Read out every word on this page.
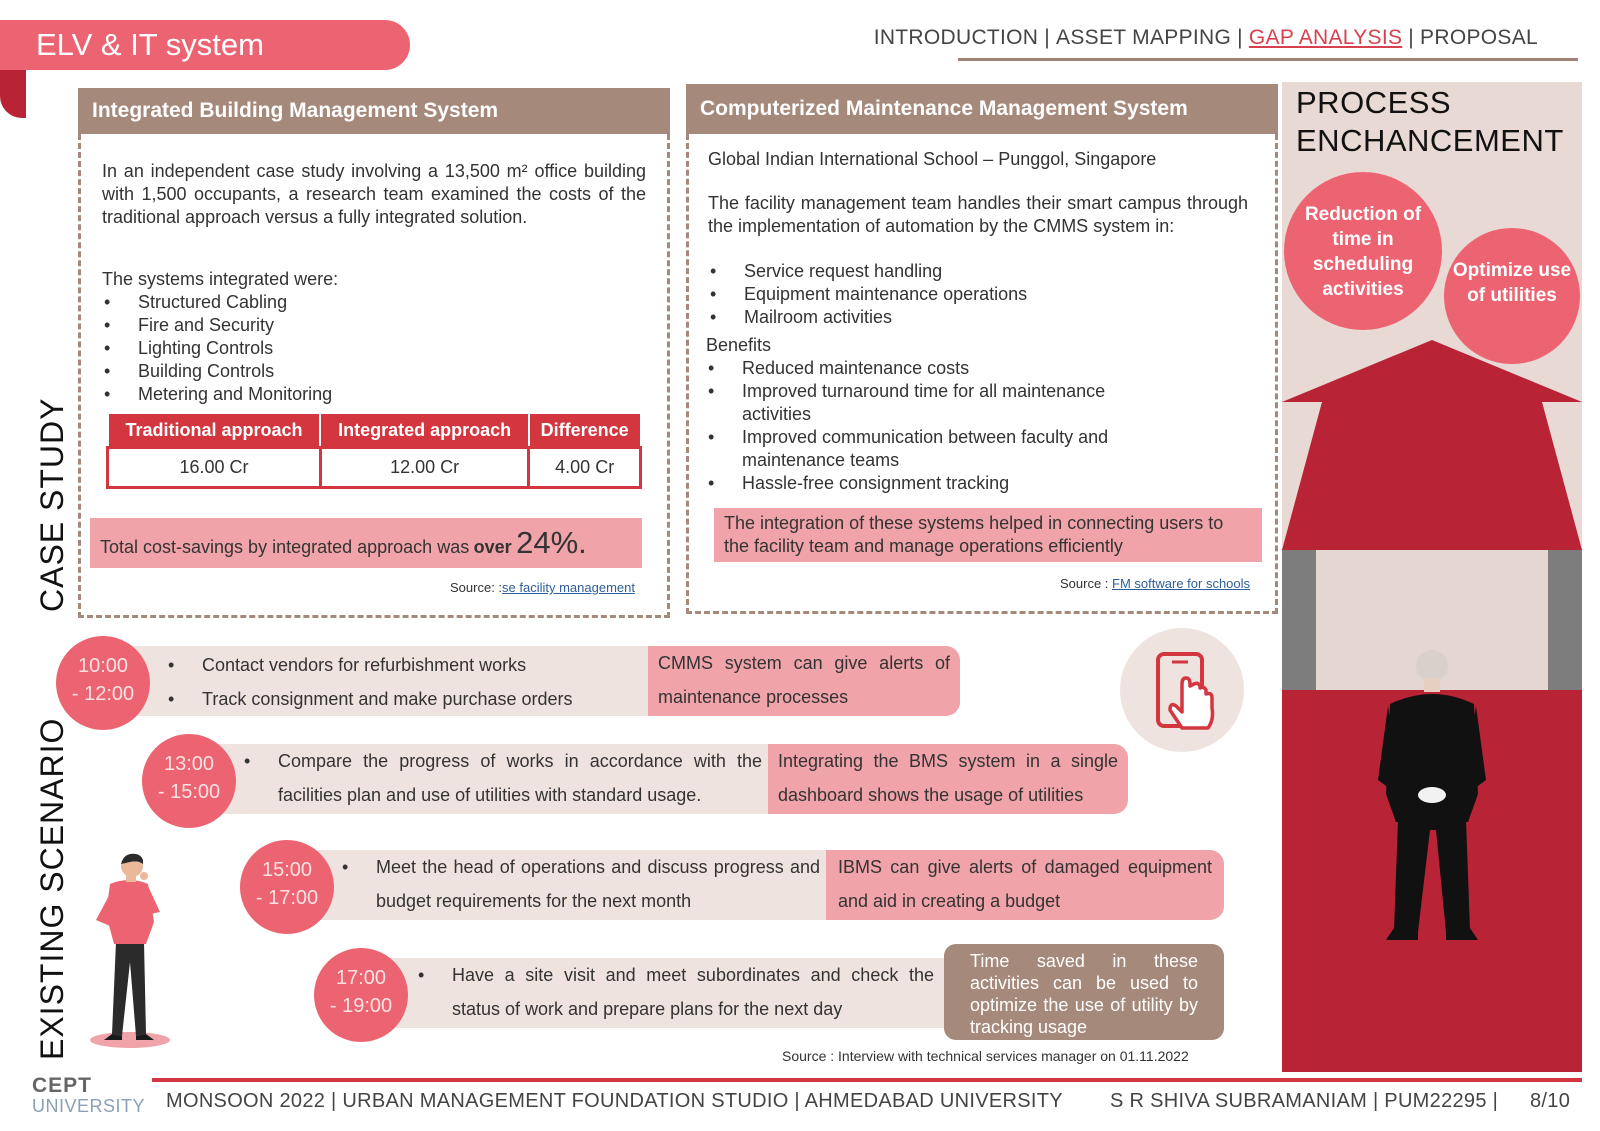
ELV & IT system	INTRODUCTION | ASSET MAPPING | GAP ANALYSIS | PROPOSAL
CASE STUDY
EXISTING SCENARIO
Integrated Building Management System

In an independent case study involving a 13,500 m² office building with 1,500 occupants, a research team examined the costs of the traditional approach versus a fully integrated solution.

The systems integrated were:

• Structured Cabling
• Fire and Security
• Lighting Controls
• Building Controls
• Metering and Monitoring
Traditional approach	Integrated approach	Difference
16.00 Cr	12.00 Cr	4.00 Cr
Total cost-savings by integrated approach was over 24%.
Source: :se facility management
Computerized Maintenance Management System

Global Indian International School – Punggol, Singapore

The facility management team handles their smart campus through the implementation of automation by the CMMS system in:

• Service request handling
• Equipment maintenance operations
• Mailroom activities

Benefits

• Reduced maintenance costs
• Improved turnaround time for all maintenance activities
• Improved communication between faculty and maintenance teams
• Hassle-free consignment tracking
The integration of these systems helped in connecting users to the facility team and manage operations efficiently
Source : FM software for schools
CMMS system can give alerts of maintenance processes
10:00
- 12:00
• Contact vendors for refurbishment works
• Track consignment and make purchase orders
Integrating the BMS system in a single dashboard shows the usage of utilities
13:00
- 15:00
• Compare the progress of works in accordance with the facilities plan and use of utilities with standard usage.
IBMS can give alerts of damaged equipment and aid in creating a budget
15:00
- 17:00
• Meet the head of operations and discuss progress and budget requirements for the next month
17:00
- 19:00
• Have a site visit and meet subordinates and check the status of work and prepare plans for the next day
Time saved in these activities can be used to optimize the use of utility by tracking usage
Source : Interview with technical services manager on 01.11.2022
PROCESS ENCHANCEMENT
Reduction of time in scheduling activities
Optimize use of utilities
CEPT
UNIVERSITY	MONSOON 2022 | URBAN MANAGEMENT FOUNDATION STUDIO | AHMEDABAD UNIVERSITY S R SHIVA SUBRAMANIAM | PUM22295 | 8/10
